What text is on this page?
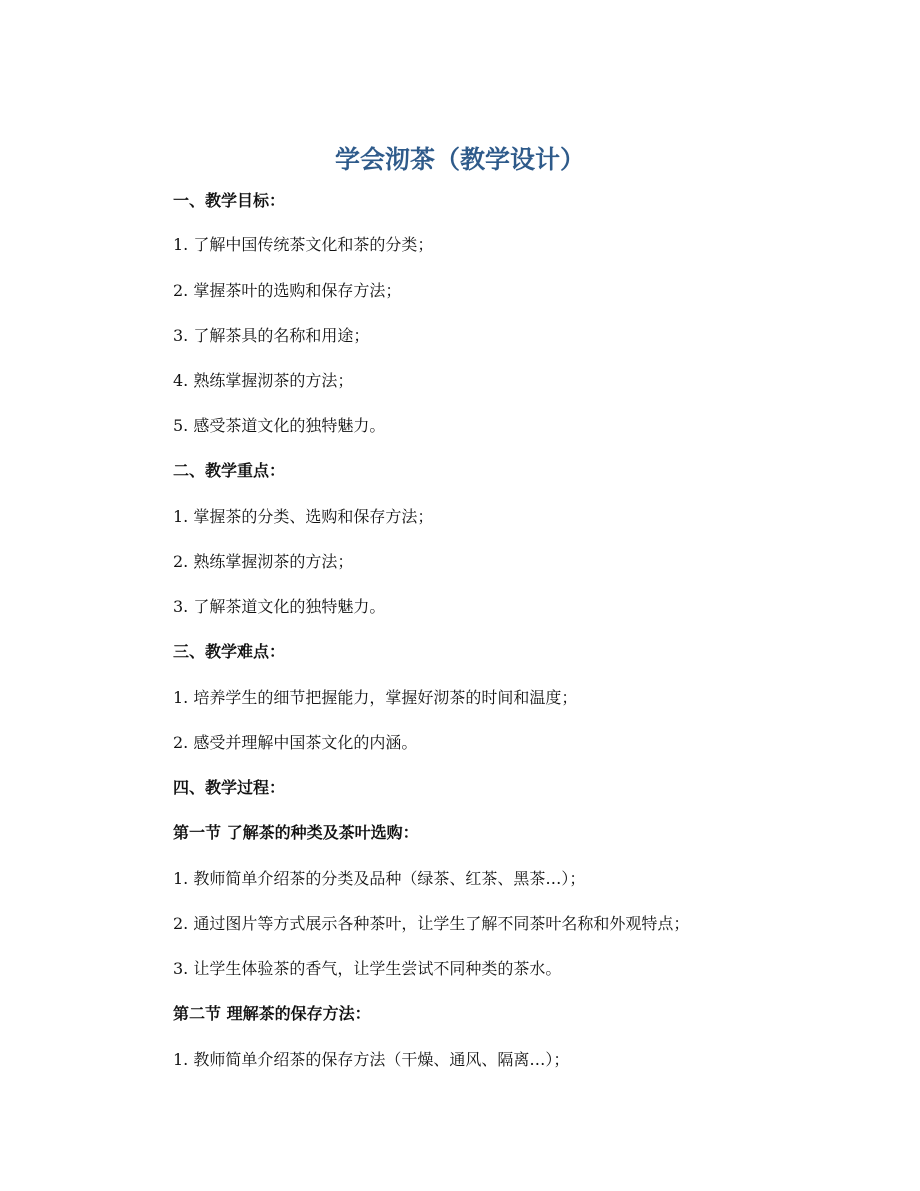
学会沏茶（教学设计）

一、教学目标：

1. 了解中国传统茶文化和茶的分类；

2. 掌握茶叶的选购和保存方法；

3. 了解茶具的名称和用途；

4. 熟练掌握沏茶的方法；

5. 感受茶道文化的独特魅力。

二、教学重点：

1. 掌握茶的分类、选购和保存方法；

2. 熟练掌握沏茶的方法；

3. 了解茶道文化的独特魅力。

三、教学难点：

1. 培养学生的细节把握能力，掌握好沏茶的时间和温度；

2. 感受并理解中国茶文化的内涵。

四、教学过程：

第一节 了解茶的种类及茶叶选购：

1. 教师简单介绍茶的分类及品种（绿茶、红茶、黑茶…）；

2. 通过图片等方式展示各种茶叶，让学生了解不同茶叶名称和外观特点；

3. 让学生体验茶的香气，让学生尝试不同种类的茶水。

第二节 理解茶的保存方法：

1. 教师简单介绍茶的保存方法（干燥、通风、隔离…）；
